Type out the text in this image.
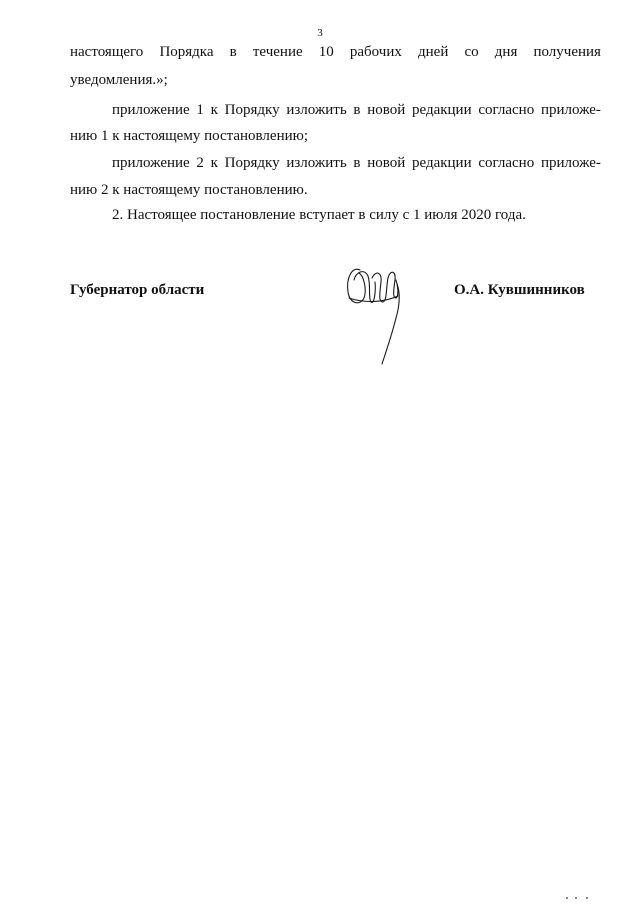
3
настоящего Порядка в течение 10 рабочих дней со дня получения
уведомления.»;
приложение 1 к Порядку изложить в новой редакции согласно приложе-
нию 1 к настоящему постановлению;
приложение 2 к Порядку изложить в новой редакции согласно приложе-
нию 2 к настоящему постановлению.
2. Настоящее постановление вступает в силу с 1 июля 2020 года.
Губернатор области	О.А. Кувшинников
